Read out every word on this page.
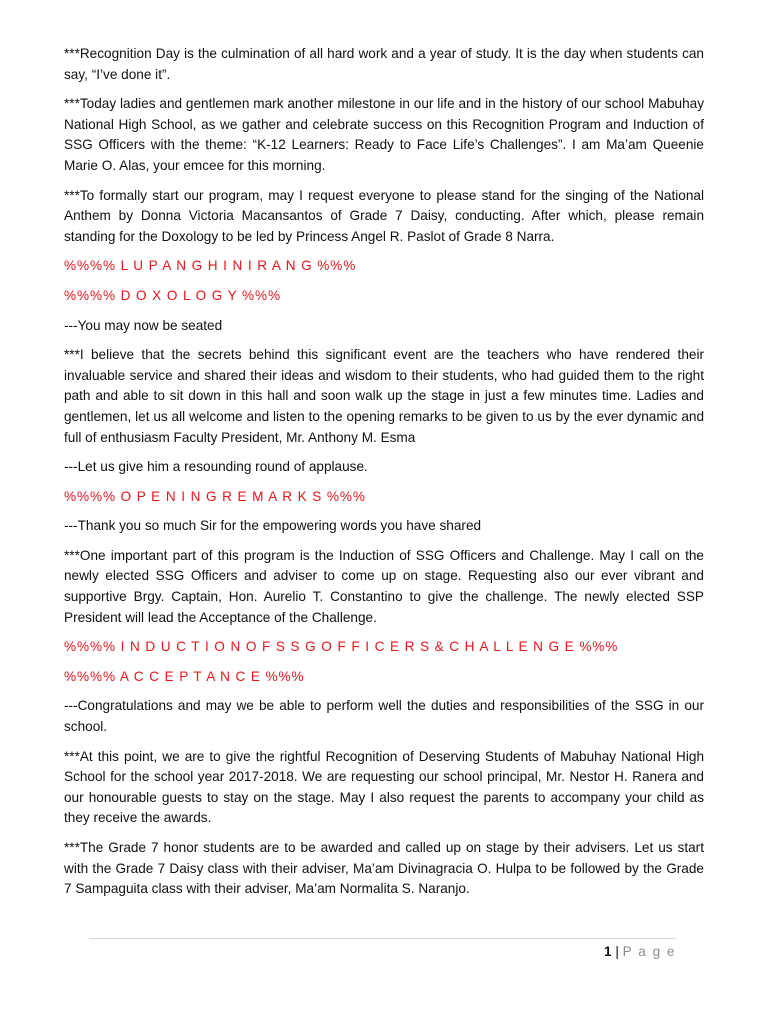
***Recognition Day is the culmination of all hard work and a year of study. It is the day when students can say, “I’ve done it”.

***Today ladies and gentlemen mark another milestone in our life and in the history of our school Mabuhay National High School, as we gather and celebrate success on this Recognition Program and Induction of SSG Officers with the theme: “K-12 Learners: Ready to Face Life’s Challenges”. I am Ma’am Queenie Marie O. Alas, your emcee for this morning.

***To formally start our program, may I request everyone to please stand for the singing of the National Anthem by Donna Victoria Macansantos of Grade 7 Daisy, conducting. After which, please remain standing for the Doxology to be led by Princess Angel R. Paslot of Grade 8 Narra.

%%%% L U P A N G H I N I R A N G %%%

%%%% D O X O L O G Y %%%

---You may now be seated

***I believe that the secrets behind this significant event are the teachers who have rendered their invaluable service and shared their ideas and wisdom to their students, who had guided them to the right path and able to sit down in this hall and soon walk up the stage in just a few minutes time. Ladies and gentlemen, let us all welcome and listen to the opening remarks to be given to us by the ever dynamic and full of enthusiasm Faculty President, Mr. Anthony M. Esma

---Let us give him a resounding round of applause.

%%%% O P E N I N G R E M A R K S %%%

---Thank you so much Sir for the empowering words you have shared

***One important part of this program is the Induction of SSG Officers and Challenge. May I call on the newly elected SSG Officers and adviser to come up on stage. Requesting also our ever vibrant and supportive Brgy. Captain, Hon. Aurelio T. Constantino to give the challenge. The newly elected SSP President will lead the Acceptance of the Challenge.

%%%% I N D U C T I O N O F S S G O F F I C E R S & C H A L L E N G E %%%

%%%% A C C E P T A N C E %%%

---Congratulations and may we be able to perform well the duties and responsibilities of the SSG in our school.

***At this point, we are to give the rightful Recognition of Deserving Students of Mabuhay National High School for the school year 2017-2018. We are requesting our school principal, Mr. Nestor H. Ranera and our honourable guests to stay on the stage. May I also request the parents to accompany your child as they receive the awards.

***The Grade 7 honor students are to be awarded and called up on stage by their advisers. Let us start with the Grade 7 Daisy class with their adviser, Ma’am Divinagracia O. Hulpa to be followed by the Grade 7 Sampaguita class with their adviser, Ma’am Normalita S. Naranjo.

1 | P a g e
